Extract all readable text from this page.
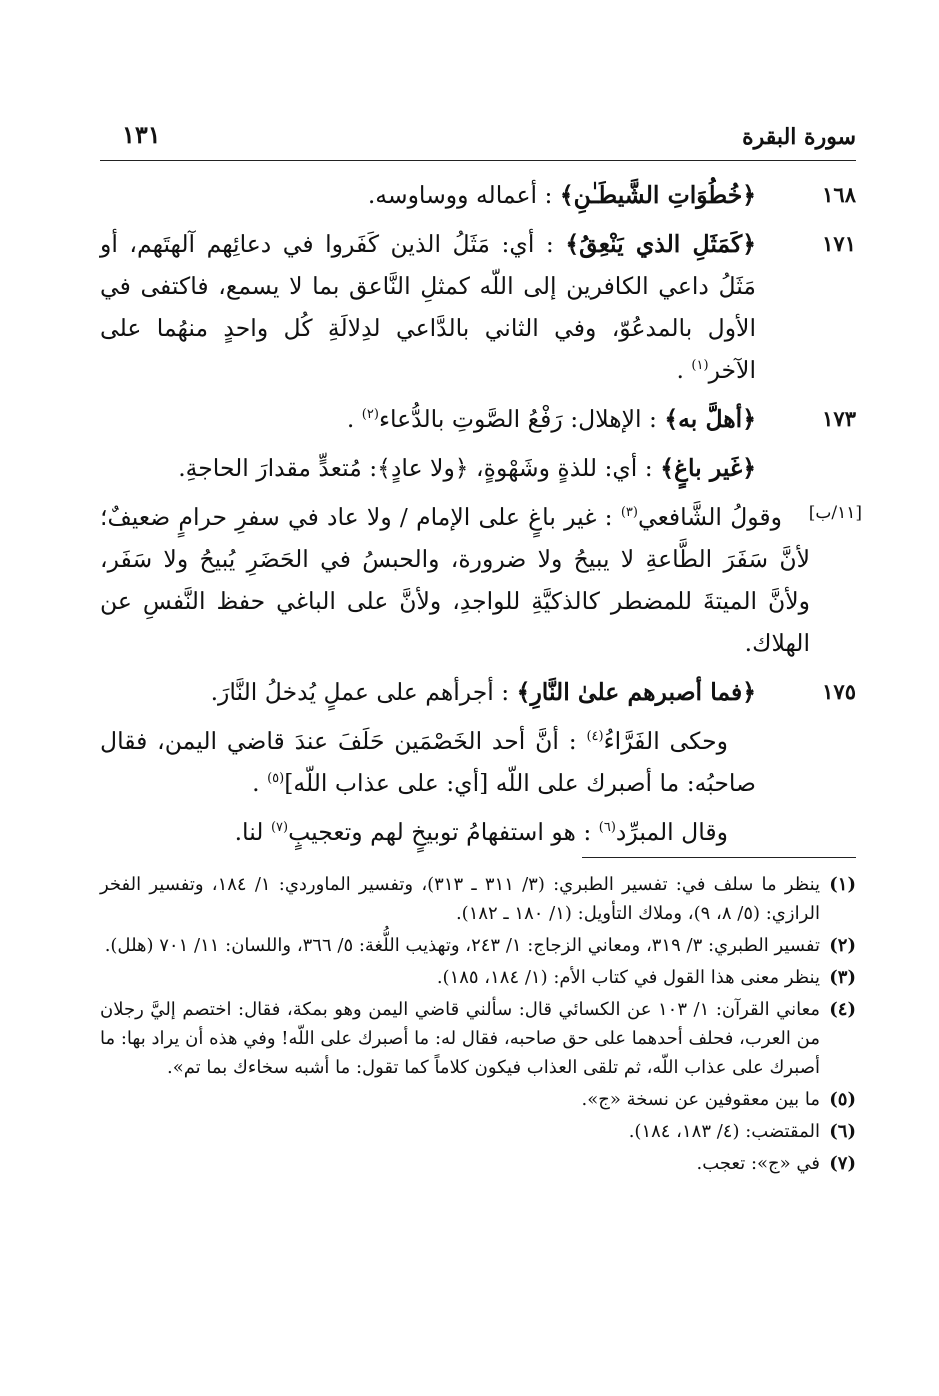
سورة البقرة
١٣١
١٦٨
﴿خُطُوَاتِ الشَّيطَـٰنِ﴾ : أعماله ووساوسه.
١٧١
﴿كَمَثَلِ الذي يَنْعِقُ﴾ : أي: مَثَلُ الذين كَفَروا في دعائِهم آلهتَهم، أو مَثَلُ داعي الكافرين إلى اللّه كمثلِ النَّاعق بما لا يسمع، فاكتفى في الأول بالمدعُوّ، وفي الثاني بالدَّاعي لدِلالَةِ كُل واحدٍ منهُما على الآخر$^{(١)}$ .
١٧٣
﴿أهلَّ به﴾ : الإهلال: رَفْعُ الصَّوتِ بالدُّعاء$^{(٢)}$ .
﴿غَير باغٍ﴾ : أي: للذةٍ وشَهْوةٍ، ﴿ولا عادٍ﴾: مُتعدٍّ مقدارَ الحاجةِ.
[١١/ب]
وقولُ الشَّافعي$^{(٣)}$ : غير باغٍ على الإمام / ولا عاد في سفرِ حرامٍ ضعيفٌ؛ لأنَّ سَفَرَ الطَّاعةِ لا يبيحُ ولا ضرورة، والحبسُ في الحَضَرِ يُبيحُ ولا سَفَر، ولأنَّ الميتةَ للمضطر كالذكيَّةِ للواجدِ، ولأنَّ على الباغي حفظ النَّفسِ عن الهلاك.
١٧٥
﴿فما أصبرهم علىٰ النَّارِ﴾ : أجرأهم على عملٍ يُدخلُ النَّارَ.
وحكى الفَرَّاءُ$^{(٤)}$ : أنَّ أحد الخَصْمَين حَلَفَ عندَ قاضي اليمن، فقال صاحبُه: ما أصبرك على اللّه [أي: على عذاب اللّه]$^{(٥)}$ .
وقال المبرِّد$^{(٦)}$ : هو استفهامُ توبيخٍ لهم وتعجيبٍ$^{(٧)}$ لنا.
(١)
ينظر ما سلف في: تفسير الطبري: (٣/ ٣١١ ـ ٣١٣)، وتفسير الماوردي: ١/ ١٨٤، وتفسير الفخر الرازي: (٥/ ٨، ٩)، وملاك التأويل: (١/ ١٨٠ ـ ١٨٢).
(٢)
تفسير الطبري: ٣/ ٣١٩، ومعاني الزجاج: ١/ ٢٤٣، وتهذيب اللُّغة: ٥/ ٣٦٦، واللسان: ١١/ ٧٠١ (هلل).
(٣)
ينظر معنى هذا القول في كتاب الأم: (١/ ١٨٤، ١٨٥).
(٤)
معاني القرآن: ١/ ١٠٣ عن الكسائي قال: سألني قاضي اليمن وهو بمكة، فقال: اختصم إليَّ رجلان من العرب، فحلف أحدهما على حق صاحبه، فقال له: ما أصبرك على اللّه! وفي هذه أن يراد بها: ما أصبرك على عذاب اللّه، ثم تلقى العذاب فيكون كلاماً كما تقول: ما أشبه سخاءك بما تم».
(٥)
ما بين معقوفين عن نسخة «ج».
(٦)
المقتضب: (٤/ ١٨٣، ١٨٤).
(٧)
في «ج»: تعجب.
